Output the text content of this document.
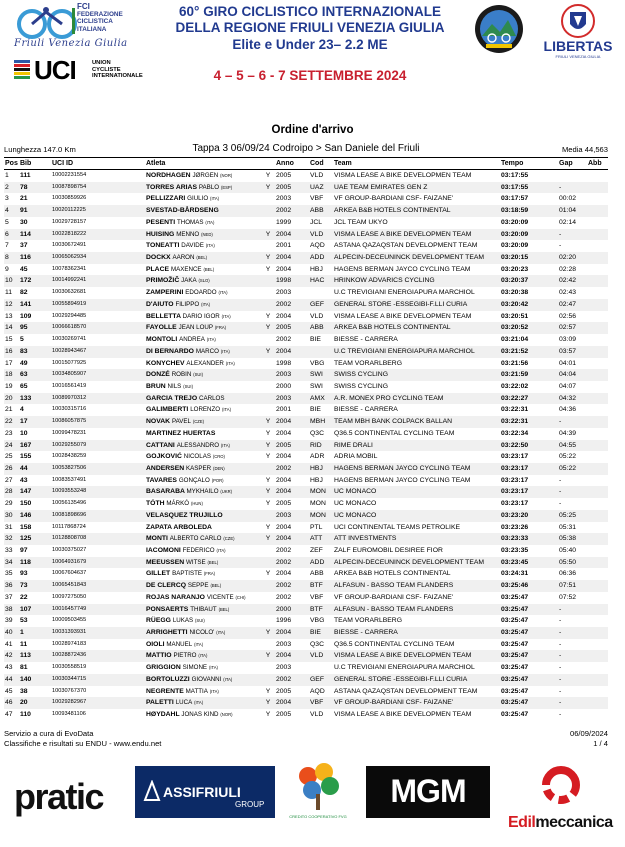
FCI
FEDERAZIONE
CICLISTICA
ITALIANA
Friuli Venezia Giulia
UCI	UNION
CYCLISTE
INTERNATIONALE
60° GIRO CICLISTICO INTERNAZIONALE
DELLA REGIONE FRIULI VENEZIA GIULIA
Elite e Under 23– 2.2 ME
4 – 5 – 6 - 7 SETTEMBRE 2024
LIBERTAS
FRIULI VENEZIA GIULIA
Ordine d'arrivo
Lunghezza 147.0 Km	Tappa 3 06/09/24 Codroipo > San Daniele del Friuli	Media 44,563
Pos Bib	UCI ID	Atleta	Anno	Cod	Team	Tempo	Gap	Abb
1	111	10002231554	NORDHAGEN JØRGEN (NOR)	Y 2005	VLD	VISMA LEASE A BIKE DEVELOPMEN TEAM	03:17:55
2	78	10087898754	TORRES ARIAS PABLO (ESP)	Y 2005	UAZ	UAE TEAM EMIRATES GEN Z	03:17:55	-
3	21	10030859926	PELLIZZARI GIULIO (ITA)	2003	VBF	VF GROUP-BARDIANI CSF- FAIZANE'	03:17:57	00:02
4	91	10020112225	SVESTAD-BÅRDSENG	2002	ABB	ARKEA B&B HOTELS CONTINENTAL	03:18:59	01:04
5	30	10029728157	PESENTI THOMAS (ITA)	1999	JCL	JCL TEAM UKYO	03:20:09	02:14
6	114	10022818222	HUISING MENNO (NED)	Y 2004	VLD	VISMA LEASE A BIKE DEVELOPMEN TEAM	03:20:09	-
7	37	10030672491	TONEATTI DAVIDE (ITA)	2001	AQD	ASTANA QAZAQSTAN DEVELOPMENT TEAM	03:20:09	-
8	116	10065062934	DOCKX AARON (BEL)	Y 2004	ADD	ALPECIN-DECEUNINCK DEVELOPMENT TEAM	03:20:15	02:20
9	45	10078362341	PLACE MAXENCE (BEL)	Y 2004	HBJ	HAGENS BERMAN JAYCO CYCLING TEAM	03:20:23	02:28
10	172	10014992241	PRIMOŽIČ JAKA (SLO)	1998	HAC	HRINKOW ADVARICS CYCLING	03:20:37	02:42
11	82	10030632681	ZAMPERINI EDOARDO (ITA)	2003	U.C TREVIGIANI ENERGIAPURA MARCHIOL	03:20:38	02:43
12	141	10055894919	D'AIUTO FILIPPO (ITA)	2002	GEF	GENERAL STORE -ESSEGIBI-F.LLI CURIA	03:20:42	02:47
13	109	10029294485	BELLETTA DARIO IGOR (ITA)	Y 2004	VLD	VISMA LEASE A BIKE DEVELOPMEN TEAM	03:20:51	02:56
14	95	10066618570	FAYOLLE JEAN LOUP (FRA)	Y 2005	ABB	ARKEA B&B HOTELS CONTINENTAL	03:20:52	02:57
15	5	10030269741	MONTOLI ANDREA (ITA)	2002	BIE	BIESSE - CARRERA	03:21:04	03:09
16	83	10028943467	DI BERNARDO MARCO (ITA)	Y 2004	U.C TREVIGIANI ENERGIAPURA MARCHIOL	03:21:52	03:57
17	49	10015077925	KONYCHEV ALEXANDER (ITA)	1998	VBG	TEAM VORARLBERG	03:21:56	04:01
18	63	10034805907	DONZÉ ROBIN (SUI)	2003	SWI	SWISS CYCLING	03:21:59	04:04
19	65	10016561419	BRUN NILS (SUI)	2000	SWI	SWISS CYCLING	03:22:02	04:07
20	133	10089970312	GARCIA TREJO CARLOS	2003	AMX	A.R. MONEX PRO CYCLING TEAM	03:22:27	04:32
21	4	10030315716	GALIMBERTI LORENZO (ITA)	2001	BIE	BIESSE - CARRERA	03:22:31	04:36
22	17	10086057875	NOVAK PAVEL (CZE)	Y 2004	MBH	TEAM MBH BANK COLPACK BALLAN	03:22:31	-
23	10	10099478231	MARTINEZ HUERTAS	Y 2004	Q3C	Q36.5 CONTINENTAL CYCLING TEAM	03:22:34	04:39
24	167	10029255079	CATTANI ALESSANDRO (ITA)	Y 2005	RID	RIME DRALI	03:22:50	04:55
25	155	10028438259	GOJKOVIĆ NICOLAS (CRO)	Y 2004	ADR	ADRIA MOBIL	03:23:17	05:22
26	44	10053827506	ANDERSEN KASPER (DEN)	2002	HBJ	HAGENS BERMAN JAYCO CYCLING TEAM	03:23:17	05:22
27	43	10083537491	TAVARES GONÇALO (POR)	Y 2004	HBJ	HAGENS BERMAN JAYCO CYCLING TEAM	03:23:17	-
28	147	10093553248	BASARABA MYKHAILO (UKR)	Y 2004	MON	UC MONACO	03:23:17	-
29	150	10056135496	TÓTH MÁRKÓ (HUN)	Y 2005	MON	UC MONACO	03:23:17	-
30	146	10081898696	VELASQUEZ TRUJILLO	2003	MON	UC MONACO	03:23:20	05:25
31	158	10117868724	ZAPATA ARBOLEDA	Y 2004	PTL	UCI CONTINENTAL TEAMS PETROLIKE	03:23:26	05:31
32	125	10128808708	MONTI ALBERTO CARLO (CZE)	Y 2004	ATT	ATT INVESTMENTS	03:23:33	05:38
33	97	10030375027	IACOMONI FEDERICO (ITA)	2002	ZEF	ZALF EUROMOBIL DESIREE FIOR	03:23:35	05:40
34	118	10064931679	MEEUSSEN WITSE (BEL)	2002	ADD	ALPECIN-DECEUNINCK DEVELOPMENT TEAM	03:23:45	05:50
35	93	10067604637	GILLET BAPTISTE (FRA)	Y 2004	ABB	ARKEA B&B HOTELS CONTINENTAL	03:24:31	06:36
36	73	10065451843	DE CLERCQ SEPPE (BEL)	2002	BTF	ALFASUN - BASSO TEAM FLANDERS	03:25:46	07:51
37	22	10097275050	ROJAS NARANJO VICENTE (CHI)	2002	VBF	VF GROUP-BARDIANI CSF- FAIZANE'	03:25:47	07:52
38	107	10016457749	PONSAERTS THIBAUT (BEL)	2000	BTF	ALFASUN - BASSO TEAM FLANDERS	03:25:47	-
39	53	10009503455	RÜEGG LUKAS (SUI)	1996	VBG	TEAM VORARLBERG	03:25:47	-
40	1	10031393931	ARRIGHETTI NICOLO' (ITA)	Y 2004	BIE	BIESSE - CARRERA	03:25:47	-
41	11	10028974183	OIOLI MANUEL (ITA)	2003	Q3C	Q36.5 CONTINENTAL CYCLING TEAM	03:25:47	-
42	113	10028872436	MATTIO PIETRO (ITA)	Y 2004	VLD	VISMA LEASE A BIKE DEVELOPMEN TEAM	03:25:47	-
43	81	10030558519	GRIGGION SIMONE (ITA)	2003	U.C TREVIGIANI ENERGIAPURA MARCHIOL	03:25:47	-
44	140	10030344715	BORTOLUZZI GIOVANNI (ITA)	2002	GEF	GENERAL STORE -ESSEGIBI-F.LLI CURIA	03:25:47	-
45	38	10030767370	NEGRENTE MATTIA (ITA)	Y 2005	AQD	ASTANA QAZAQSTAN DEVELOPMENT TEAM	03:25:47	-
46	20	10029282967	PALETTI LUCA (ITA)	Y 2004	VBF	VF GROUP-BARDIANI CSF- FAIZANE'	03:25:47	-
47	110	10093481106	HØYDAHL JONAS KIND (NOR)	Y 2005	VLD	VISMA LEASE A BIKE DEVELOPMEN TEAM	03:25:47	-
Servizio a cura di EvoData
Classifiche e risultati su ENDU - www.endu.net
06/09/2024
1 / 4
pratic	ASSIFRIULI
GROUP
CREDITO COOPERATIVO FVG
MGM
Edilmeccanica
